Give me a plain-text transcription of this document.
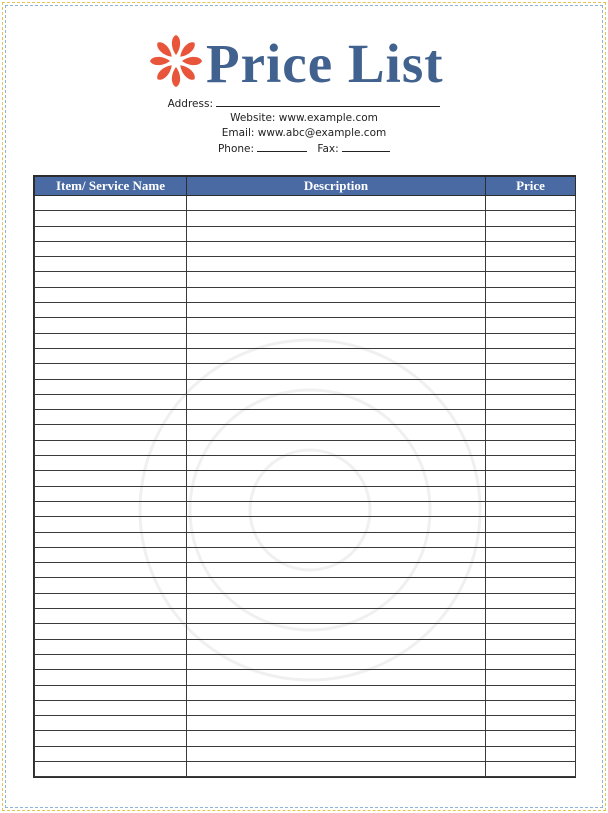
Price List
Address:
Website: www.example.com
Email: www.abc@example.com
Phone:	Fax:
Item/ Service Name	Description	Price
